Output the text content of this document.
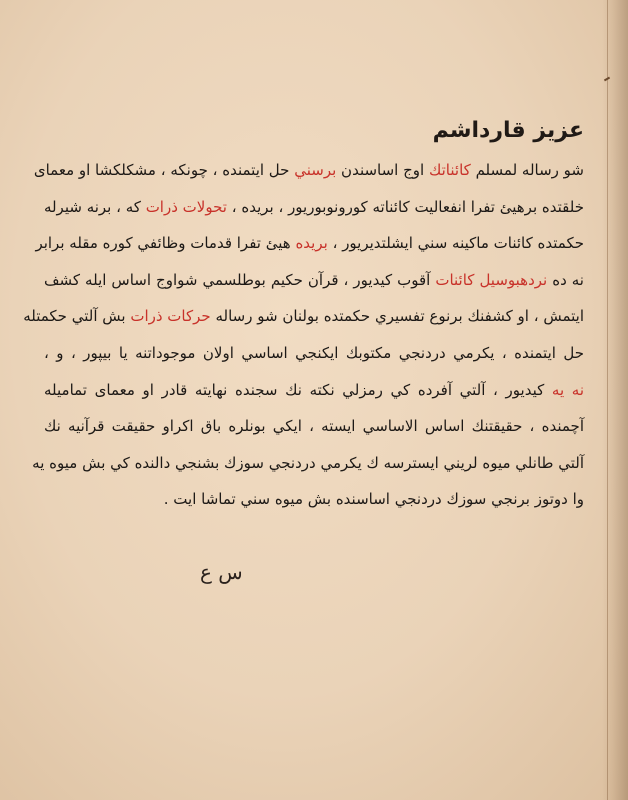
عزيز قارداشم
شو رساله لمسلم كائناتك اوج اساسندن برسني حل ايتمنده ، چونكه ، مشكلكشا او معماى
خلقتده برهيئ تفرا انفعاليت كائناته كورونوبوريور ، بريده ، تحولات ذرات كه ، برنه شيرله
حكمتده كائنات ماكينه سني ايشلتديريور ، بريده هيئ تفرا قدمات وظائفي كوره مقله برابر
نه ده نردهبوسيل كائنات آقوب كيديور ، قرآن حكيم بوطلسمي شواوج اساس ايله كشف
ايتمش ، او كشفنك برنوع تفسيري حكمتده بولنان شو رساله حركات ذرات بش آلتي حكمتله
حل ايتمنده ، يكرمي دردنجي مكتوبك ايكنجي اساسي اولان موجوداتنه يا بيپور ، و ،
نه يه كيديور ، آلتي آفرده كي رمزلي نكته نك سجنده نهايته قادر او معماى تماميله
آچمنده ، حقيقتنك اساس الاساسي ايسته ، ايكي بونلره باق اكراو حقيقت قرآنيه نك
آلتي طانلي ميوه لريني ايسترسه ك يكرمي دردنجي سوزك بشنجي دالنده كي بش ميوه يه
وا دوتوز برنجي سوزك دردنجي اساسنده بش ميوه سني تماشا ايت .
س ع
